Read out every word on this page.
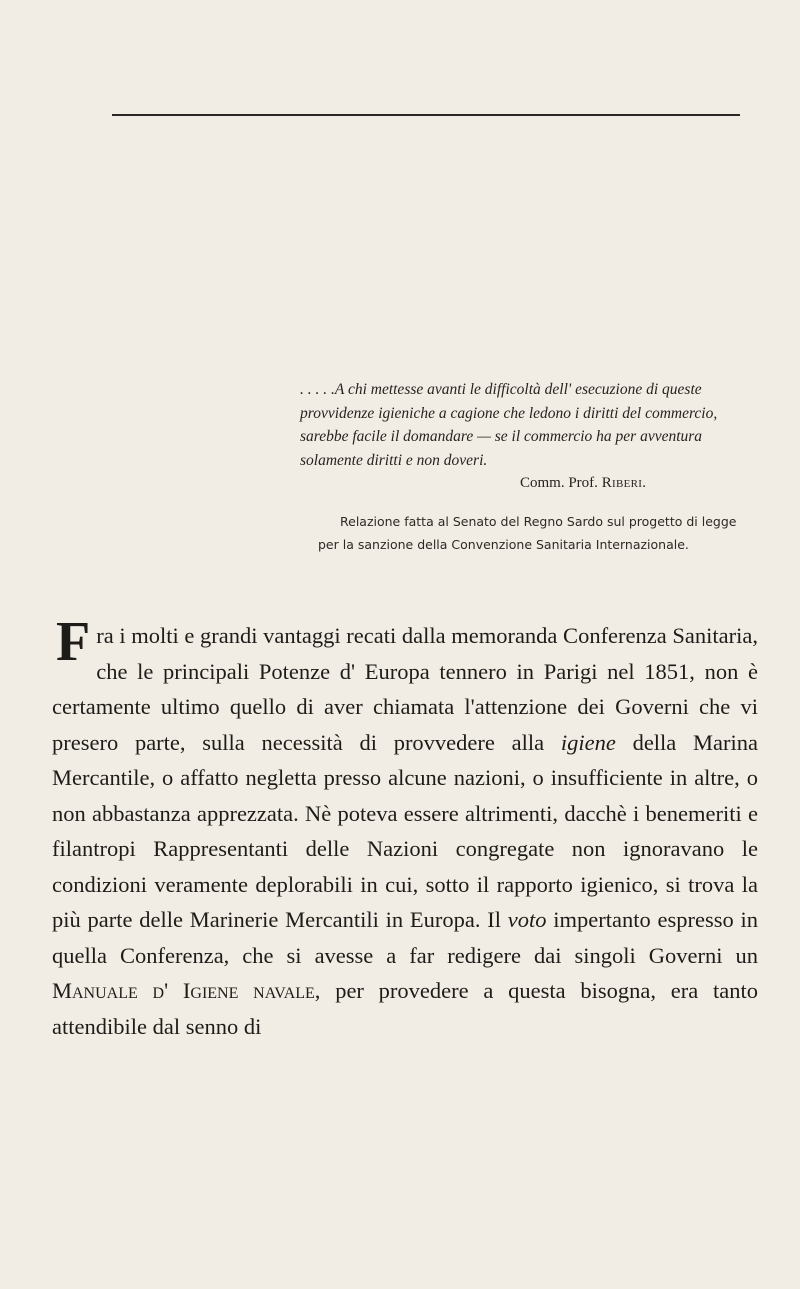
. . . . .A chi mettesse avanti le difficoltà dell' esecuzione di queste provvidenze igieniche a cagione che ledono i diritti del commercio, sarebbe facile il domandare — se il commercio ha per avventura solamente diritti e non doveri.

Comm. Prof. Riberi.

Relazione fatta al Senato del Regno Sardo sul progetto di legge per la sanzione della Convenzione Sanitaria Internazionale.

Fra i molti e grandi vantaggi recati dalla memoranda Conferenza Sanitaria, che le principali Potenze d' Europa tennero in Parigi nel 1851, non è certamente ultimo quello di aver chiamata l'attenzione dei Governi che vi presero parte, sulla necessità di provvedere alla igiene della Marina Mercantile, o affatto negletta presso alcune nazioni, o insufficiente in altre, o non abbastanza apprezzata. Nè poteva essere altrimenti, dacchè i benemeriti e filantropi Rappresentanti delle Nazioni congregate non ignoravano le condizioni veramente deplorabili in cui, sotto il rapporto igienico, si trova la più parte delle Marinerie Mercantili in Europa. Il voto impertanto espresso in quella Conferenza, che si avesse a far redigere dai singoli Governi un Manuale d' Igiene navale, per provedere a questa bisogna, era tanto attendibile dal senno di
